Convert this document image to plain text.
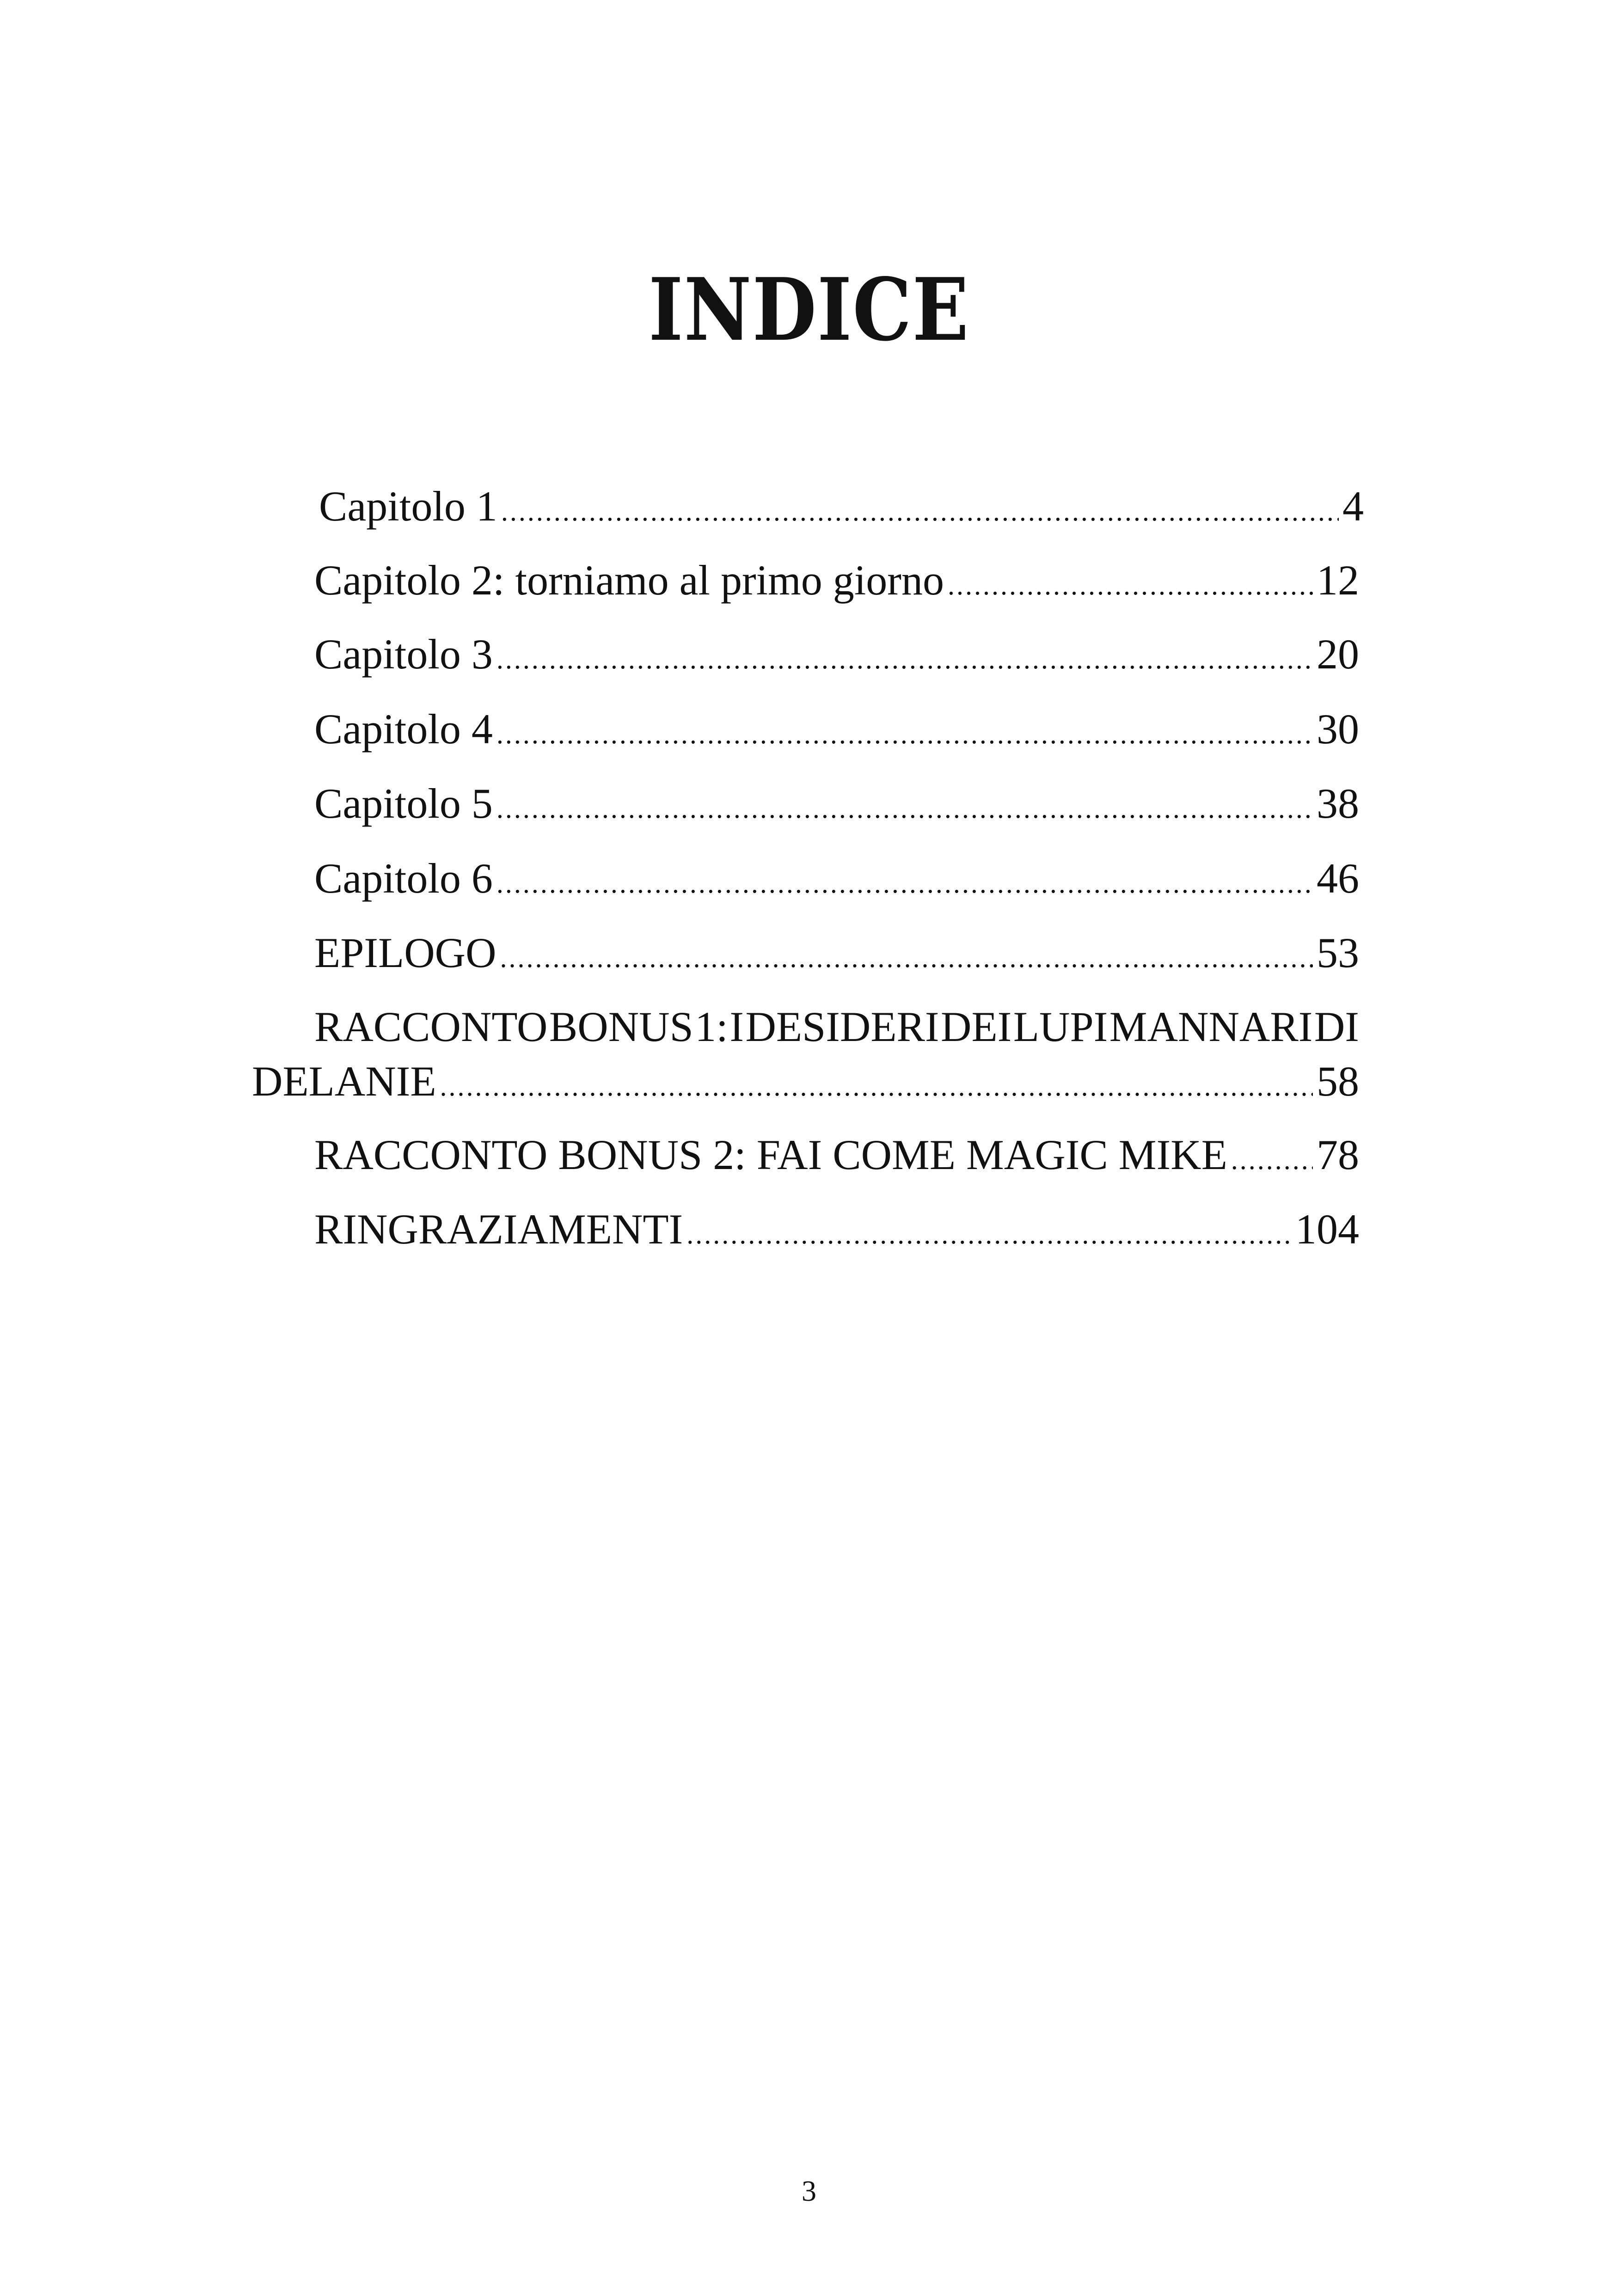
INDICE
Capitolo 1 .....	4
Capitolo 2: torniamo al primo giorno .....	12
Capitolo 3 .....	20
Capitolo 4 .....	30
Capitolo 5 .....	38
Capitolo 6 .....	46
EPILOGO .....	53
RACCONTO BONUS 1: I DESIDERI DEI LUPI MANNARI DI
DELANIE .....	58
RACCONTO BONUS 2: FAI COME MAGIC MIKE ..... 78
RINGRAZIAMENTI .....	104
3
